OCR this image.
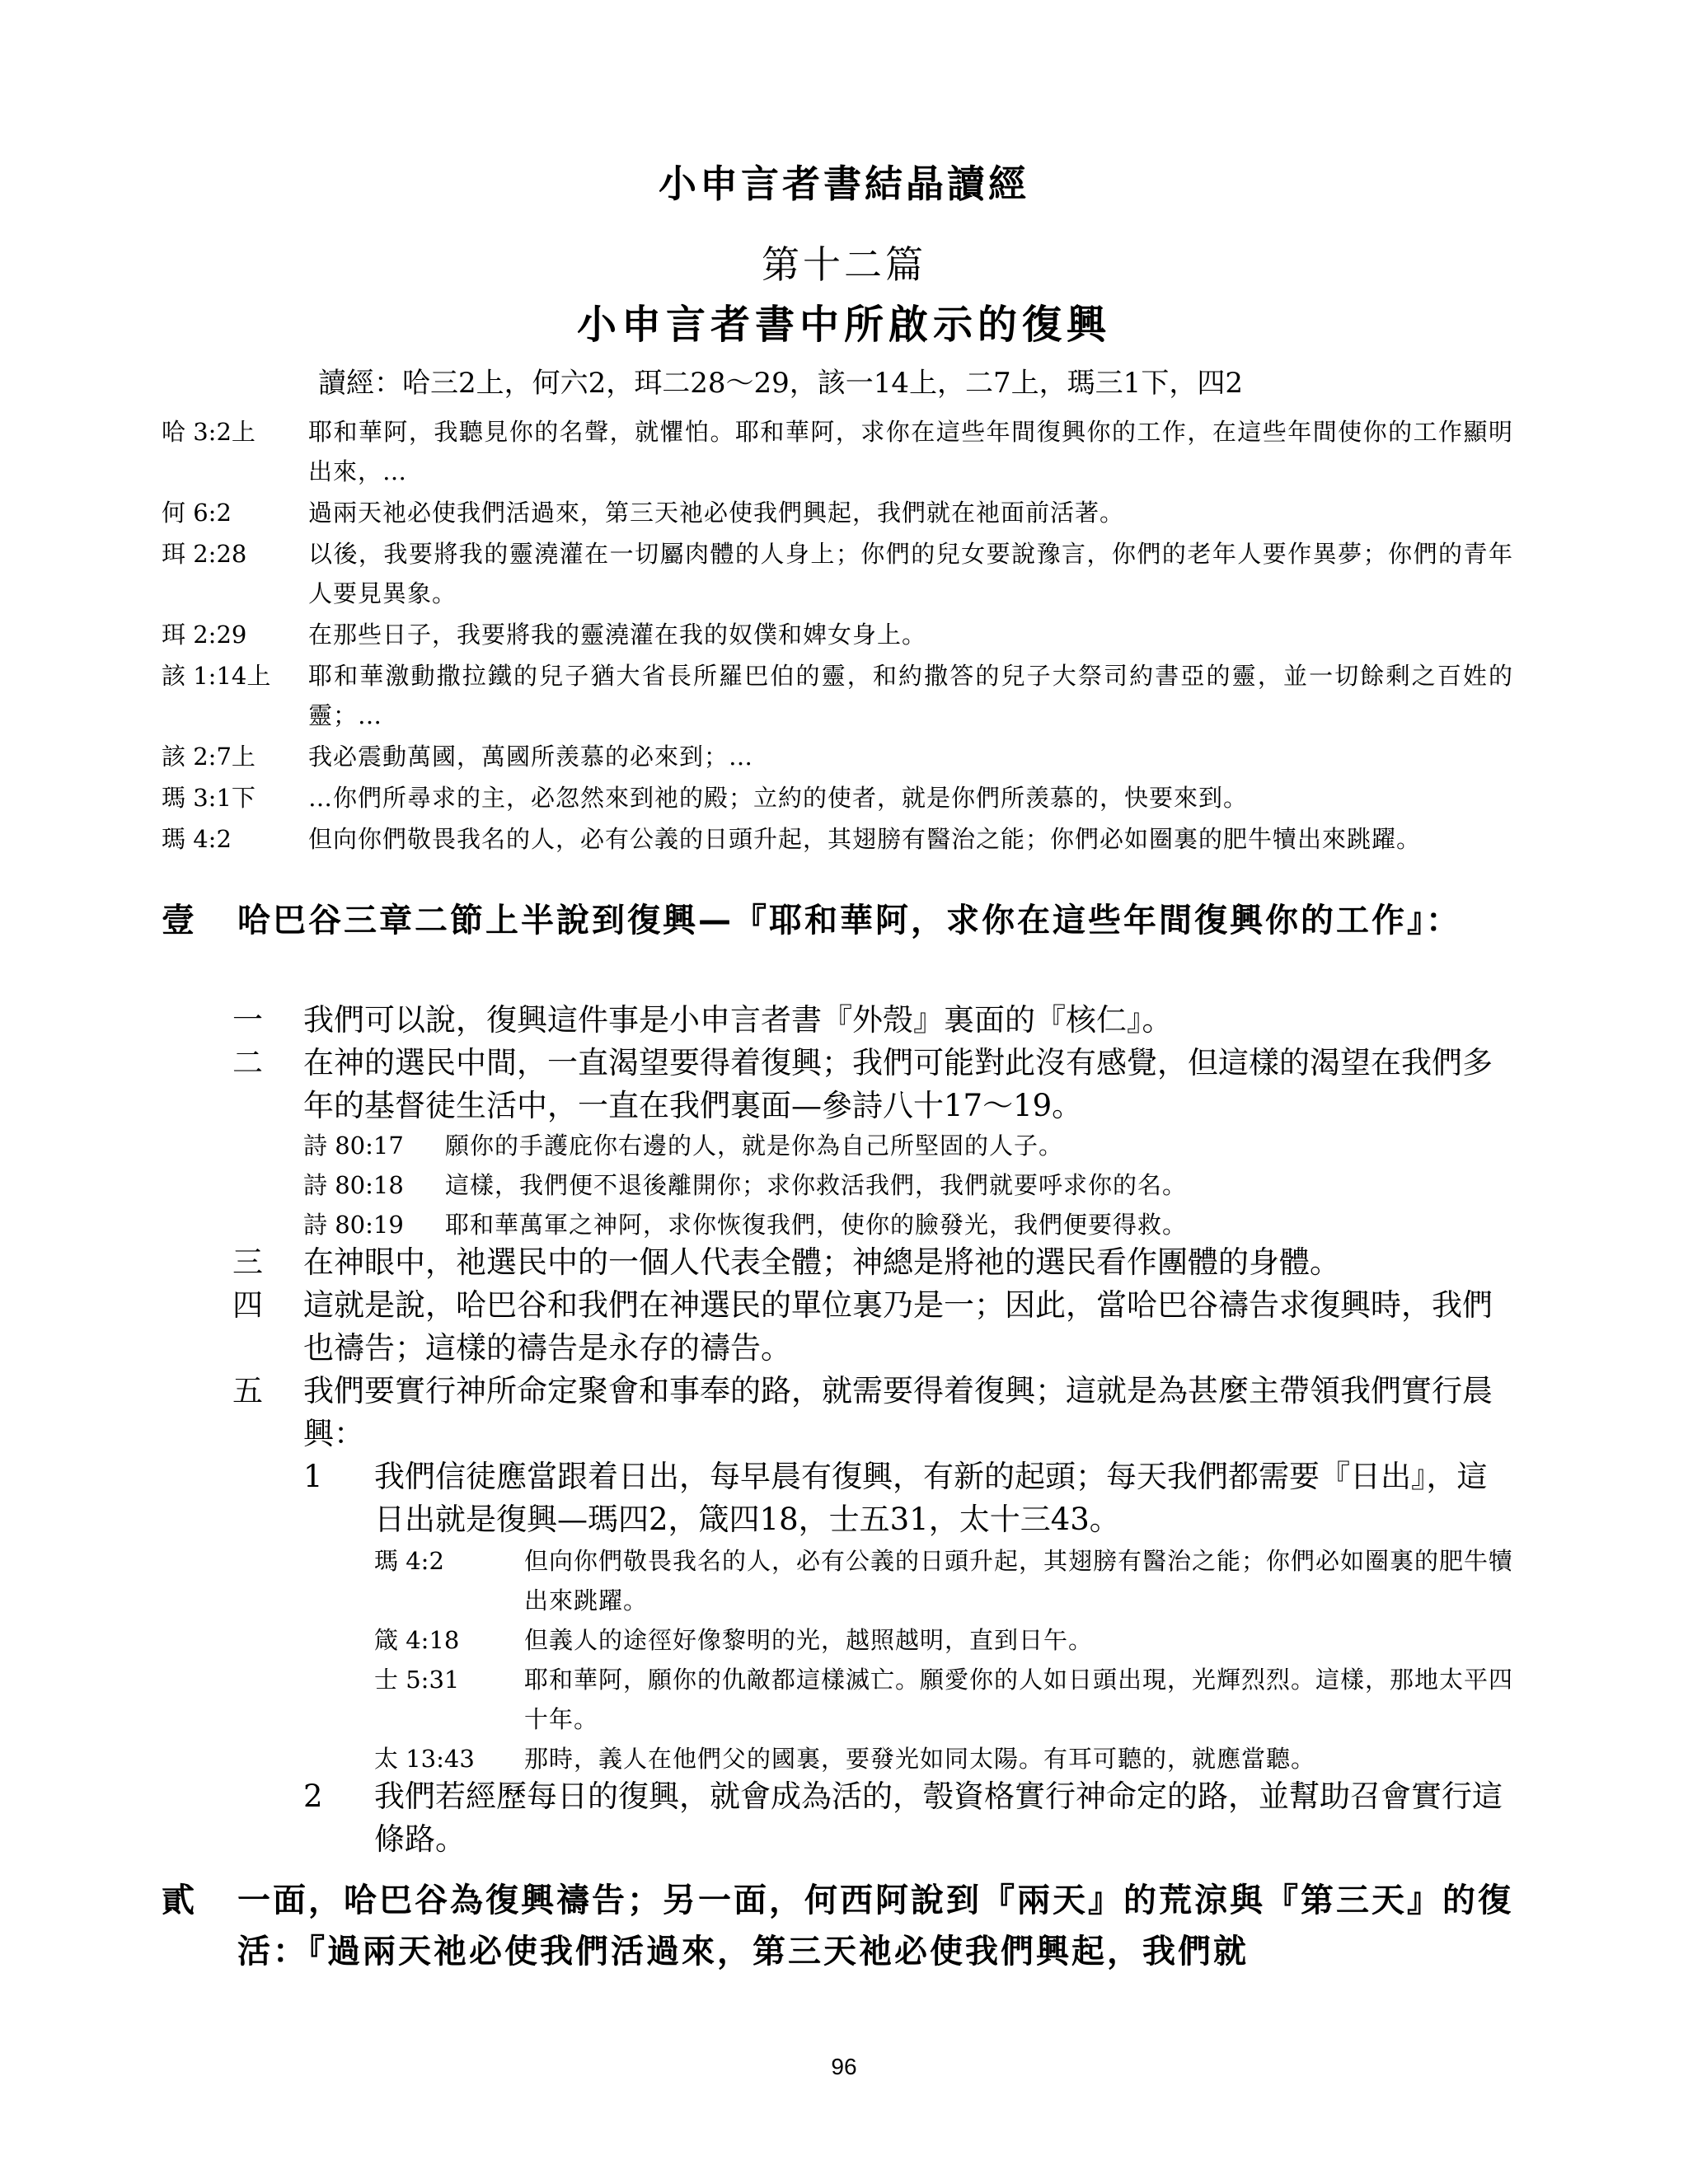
小申言者書結晶讀經
第十二篇
小申言者書中所啟示的復興
讀經：哈三2上，何六2，珥二28～29，該一14上，二7上，瑪三1下，四2
哈 3:2上	耶和華阿，我聽見你的名聲，就懼怕。耶和華阿，求你在這些年間復興你的工作，在這些年間使你的工作顯明出來，…
何 6:2	過兩天祂必使我們活過來，第三天祂必使我們興起，我們就在祂面前活著。
珥 2:28	以後，我要將我的靈澆灌在一切屬肉體的人身上；你們的兒女要說豫言，你們的老年人要作異夢；你們的青年人要見異象。
珥 2:29	在那些日子，我要將我的靈澆灌在我的奴僕和婢女身上。
該 1:14上	耶和華激動撒拉鐵的兒子猶大省長所羅巴伯的靈，和約撒答的兒子大祭司約書亞的靈，並一切餘剩之百姓的靈；…
該 2:7上	我必震動萬國，萬國所羡慕的必來到；…
瑪 3:1下	…你們所尋求的主，必忽然來到祂的殿；立約的使者，就是你們所羡慕的，快要來到。
瑪 4:2	但向你們敬畏我名的人，必有公義的日頭升起，其翅膀有醫治之能；你們必如圈裏的肥牛犢出來跳躍。
壹	哈巴谷三章二節上半說到復興—『耶和華阿，求你在這些年間復興你的工作』：
一	我們可以說，復興這件事是小申言者書『外殼』裏面的『核仁』。
二	在神的選民中間，一直渴望要得着復興；我們可能對此沒有感覺，但這樣的渴望在我們多年的基督徒生活中，一直在我們裏面—參詩八十17～19。
詩 80:17	願你的手護庇你右邊的人，就是你為自己所堅固的人子。
詩 80:18	這樣，我們便不退後離開你；求你救活我們，我們就要呼求你的名。
詩 80:19	耶和華萬軍之神阿，求你恢復我們，使你的臉發光，我們便要得救。
三	在神眼中，祂選民中的一個人代表全體；神總是將祂的選民看作團體的身體。
四	這就是說，哈巴谷和我們在神選民的單位裏乃是一；因此，當哈巴谷禱告求復興時，我們也禱告；這樣的禱告是永存的禱告。
五	我們要實行神所命定聚會和事奉的路，就需要得着復興；這就是為甚麼主帶領我們實行晨興：
1	我們信徒應當跟着日出，每早晨有復興，有新的起頭；每天我們都需要『日出』，這日出就是復興—瑪四2，箴四18，士五31，太十三43。
瑪 4:2	但向你們敬畏我名的人，必有公義的日頭升起，其翅膀有醫治之能；你們必如圈裏的肥牛犢出來跳躍。
箴 4:18	但義人的途徑好像黎明的光，越照越明，直到日午。
士 5:31	耶和華阿，願你的仇敵都這樣滅亡。願愛你的人如日頭出現，光輝烈烈。這樣，那地太平四十年。
太 13:43	那時，義人在他們父的國裏，要發光如同太陽。有耳可聽的，就應當聽。
2	我們若經歷每日的復興，就會成為活的，彀資格實行神命定的路，並幫助召會實行這條路。
貳	一面，哈巴谷為復興禱告；另一面，何西阿說到『兩天』的荒涼與『第三天』的復活：『過兩天祂必使我們活過來，第三天祂必使我們興起，我們就
96
